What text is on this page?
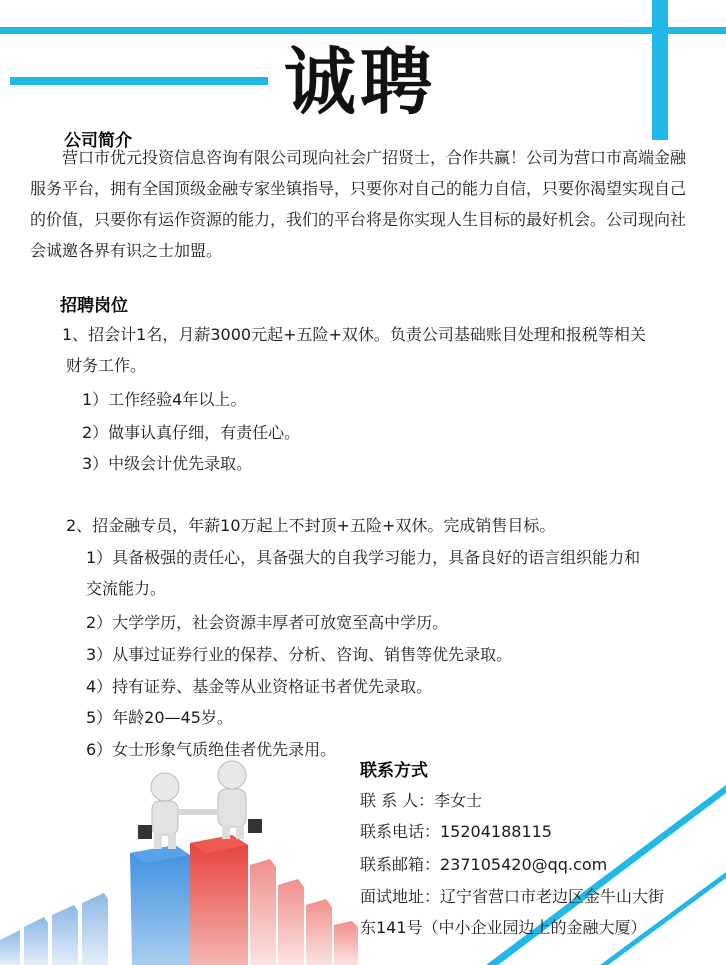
诚聘
公司简介
营口市优元投资信息咨询有限公司现向社会广招贤士，合作共赢！公司为营口市高端金融服务平台，拥有全国顶级金融专家坐镇指导，只要你对自己的能力自信，只要你渴望实现自己的价值，只要你有运作资源的能力，我们的平台将是你实现人生目标的最好机会。公司现向社会诚邀各界有识之士加盟。
招聘岗位
1、招会计1名，月薪3000元起+五险+双休。负责公司基础账目处理和报税等相关
财务工作。
1）工作经验4年以上。
2）做事认真仔细，有责任心。
3）中级会计优先录取。
2、招金融专员，年薪10万起上不封顶+五险+双休。完成销售目标。
1）具备极强的责任心，具备强大的自我学习能力，具备良好的语言组织能力和
交流能力。
2）大学学历，社会资源丰厚者可放宽至高中学历。
3）从事过证券行业的保荐、分析、咨询、销售等优先录取。
4）持有证券、基金等从业资格证书者优先录取。
5）年龄20—45岁。
6）女士形象气质绝佳者优先录用。
联系方式
联 系 人：李女士
联系电话：15204188115
联系邮箱：237105420@qq.com
面试地址：辽宁省营口市老边区金牛山大街
东141号（中小企业园边上的金融大厦）
